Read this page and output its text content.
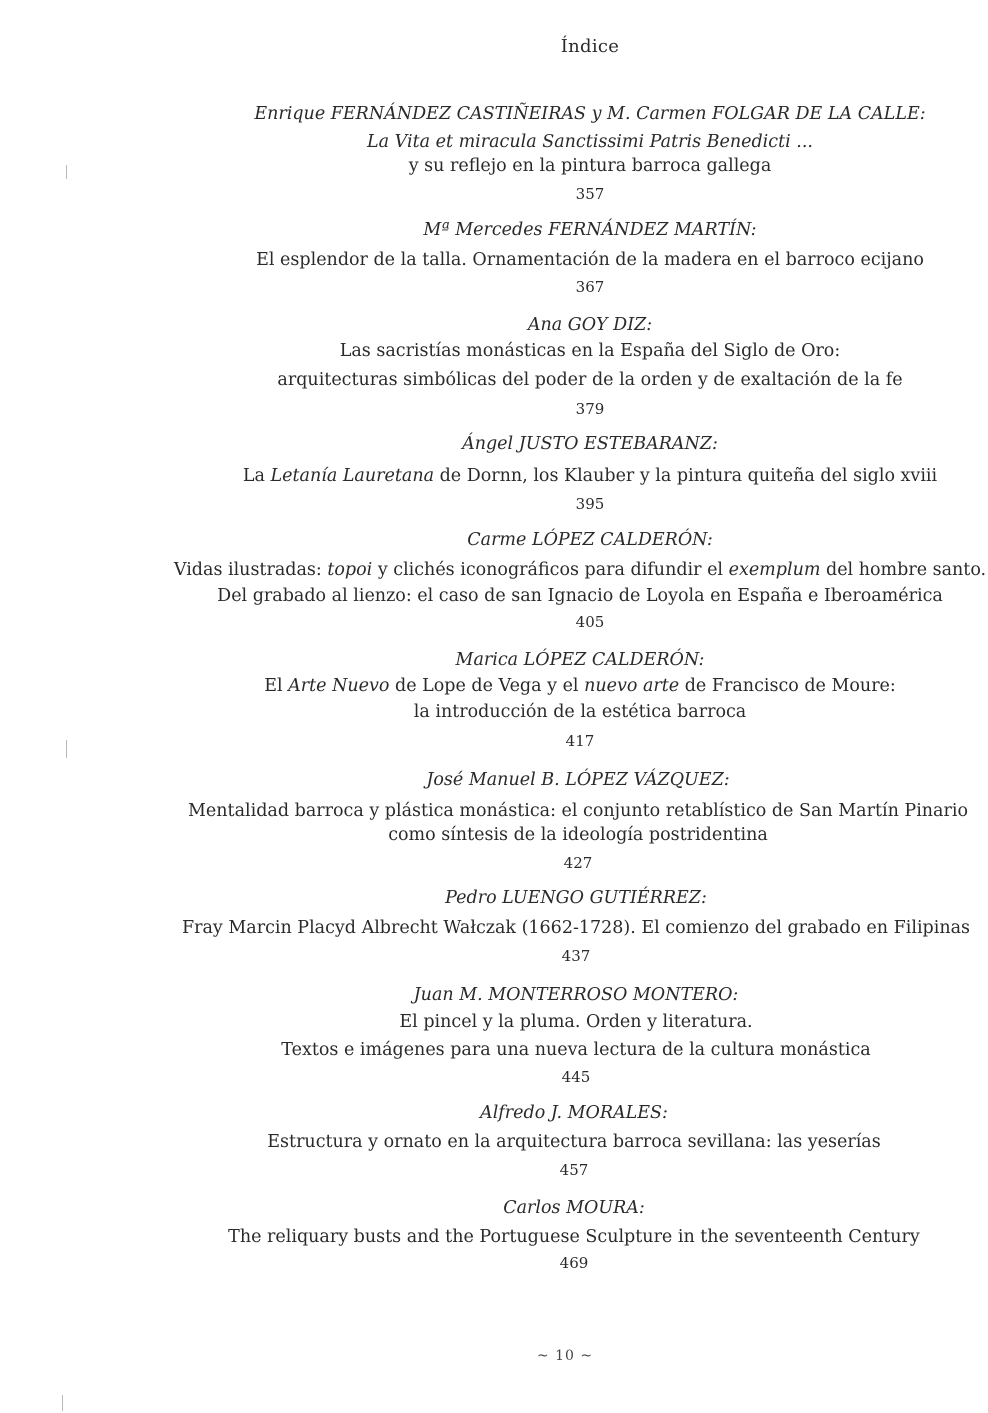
Índice
Enrique FERNÁNDEZ CASTIÑEIRAS y M. Carmen FOLGAR DE LA CALLE:
La Vita et miracula Sanctissimi Patris Benedicti ...
y su reflejo en la pintura barroca gallega
357
Mª Mercedes FERNÁNDEZ MARTÍN:
El esplendor de la talla. Ornamentación de la madera en el barroco ecijano
367
Ana GOY DIZ:
Las sacristías monásticas en la España del Siglo de Oro:
arquitecturas simbólicas del poder de la orden y de exaltación de la fe
379
Ángel JUSTO ESTEBARANZ:
La Letanía Lauretana de Dornn, los Klauber y la pintura quiteña del siglo xviii
395
Carme LÓPEZ CALDERÓN:
Vidas ilustradas: topoi y clichés iconográficos para difundir el exemplum del hombre santo.
Del grabado al lienzo: el caso de san Ignacio de Loyola en España e Iberoamérica
405
Marica LÓPEZ CALDERÓN:
El Arte Nuevo de Lope de Vega y el nuevo arte de Francisco de Moure:
la introducción de la estética barroca
417
José Manuel B. LÓPEZ VÁZQUEZ:
Mentalidad barroca y plástica monástica: el conjunto retablístico de San Martín Pinario
como síntesis de la ideología postridentina
427
Pedro LUENGO GUTIÉRREZ:
Fray Marcin Placyd Albrecht Wałczak (1662-1728). El comienzo del grabado en Filipinas
437
Juan M. MONTERROSO MONTERO:
El pincel y la pluma. Orden y literatura.
Textos e imágenes para una nueva lectura de la cultura monástica
445
Alfredo J. MORALES:
Estructura y ornato en la arquitectura barroca sevillana: las yeserías
457
Carlos MOURA:
The reliquary busts and the Portuguese Sculpture in the seventeenth Century
469
~ 10 ~
